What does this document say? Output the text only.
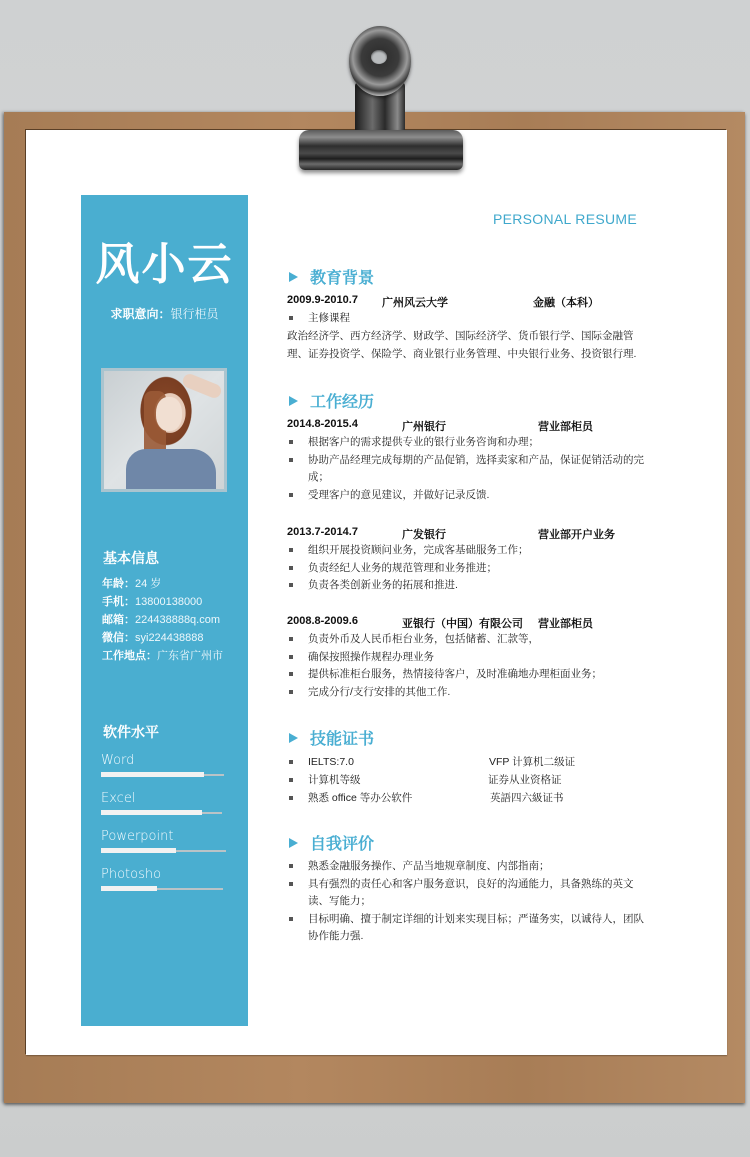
风小云
求职意向：银行柜员
基本信息
年龄：24 岁
手机：13800138000
邮箱：224438888q.com
微信：syi224438888
工作地点：广东省广州市
软件水平
Word
Excel
Powerpoint
Photosho
PERSONAL RESUME
教育背景
2009.9-2010.7 广州风云大学	金融（本科）
主修课程
政治经济学、西方经济学、财政学、国际经济学、货币银行学、国际金融管理、证券投资学、保险学、商业银行业务管理、中央银行业务、投资银行理.
工作经历
2014.8-2015.4	广州银行	营业部柜员
根据客户的需求提供专业的银行业务咨询和办理；
协助产品经理完成每期的产品促销，选择卖家和产品，保证促销活动的完成；
受理客户的意见建议，并做好记录反馈.
2013.7-2014.7	广发银行	营业部开户业务
组织开展投资顾问业务，完成客基础服务工作；
负责经纪人业务的规范管理和业务推进；
负责各类创新业务的拓展和推进.
2008.8-2009.6	亚银行（中国）有限公司 营业部柜员
负责外币及人民币柜台业务，包括储蓄、汇款等，
确保按照操作规程办理业务
提供标准柜台服务，热情接待客户，及时准确地办理柜面业务；
完成分行/支行安排的其他工作.
技能证书
IELTS:7.0	VFP 计算机二级证
计算机等级	证券从业资格证
熟悉 office 等办公软件	英語四六級证书
自我评价
熟悉金融服务操作、产品当地规章制度、内部指南；
具有强烈的责任心和客户服务意识，良好的沟通能力，具备熟练的英文读、写能力；
目标明确、擅于制定详细的计划来实现目标；严谨务实，以诚待人，团队协作能力强.
